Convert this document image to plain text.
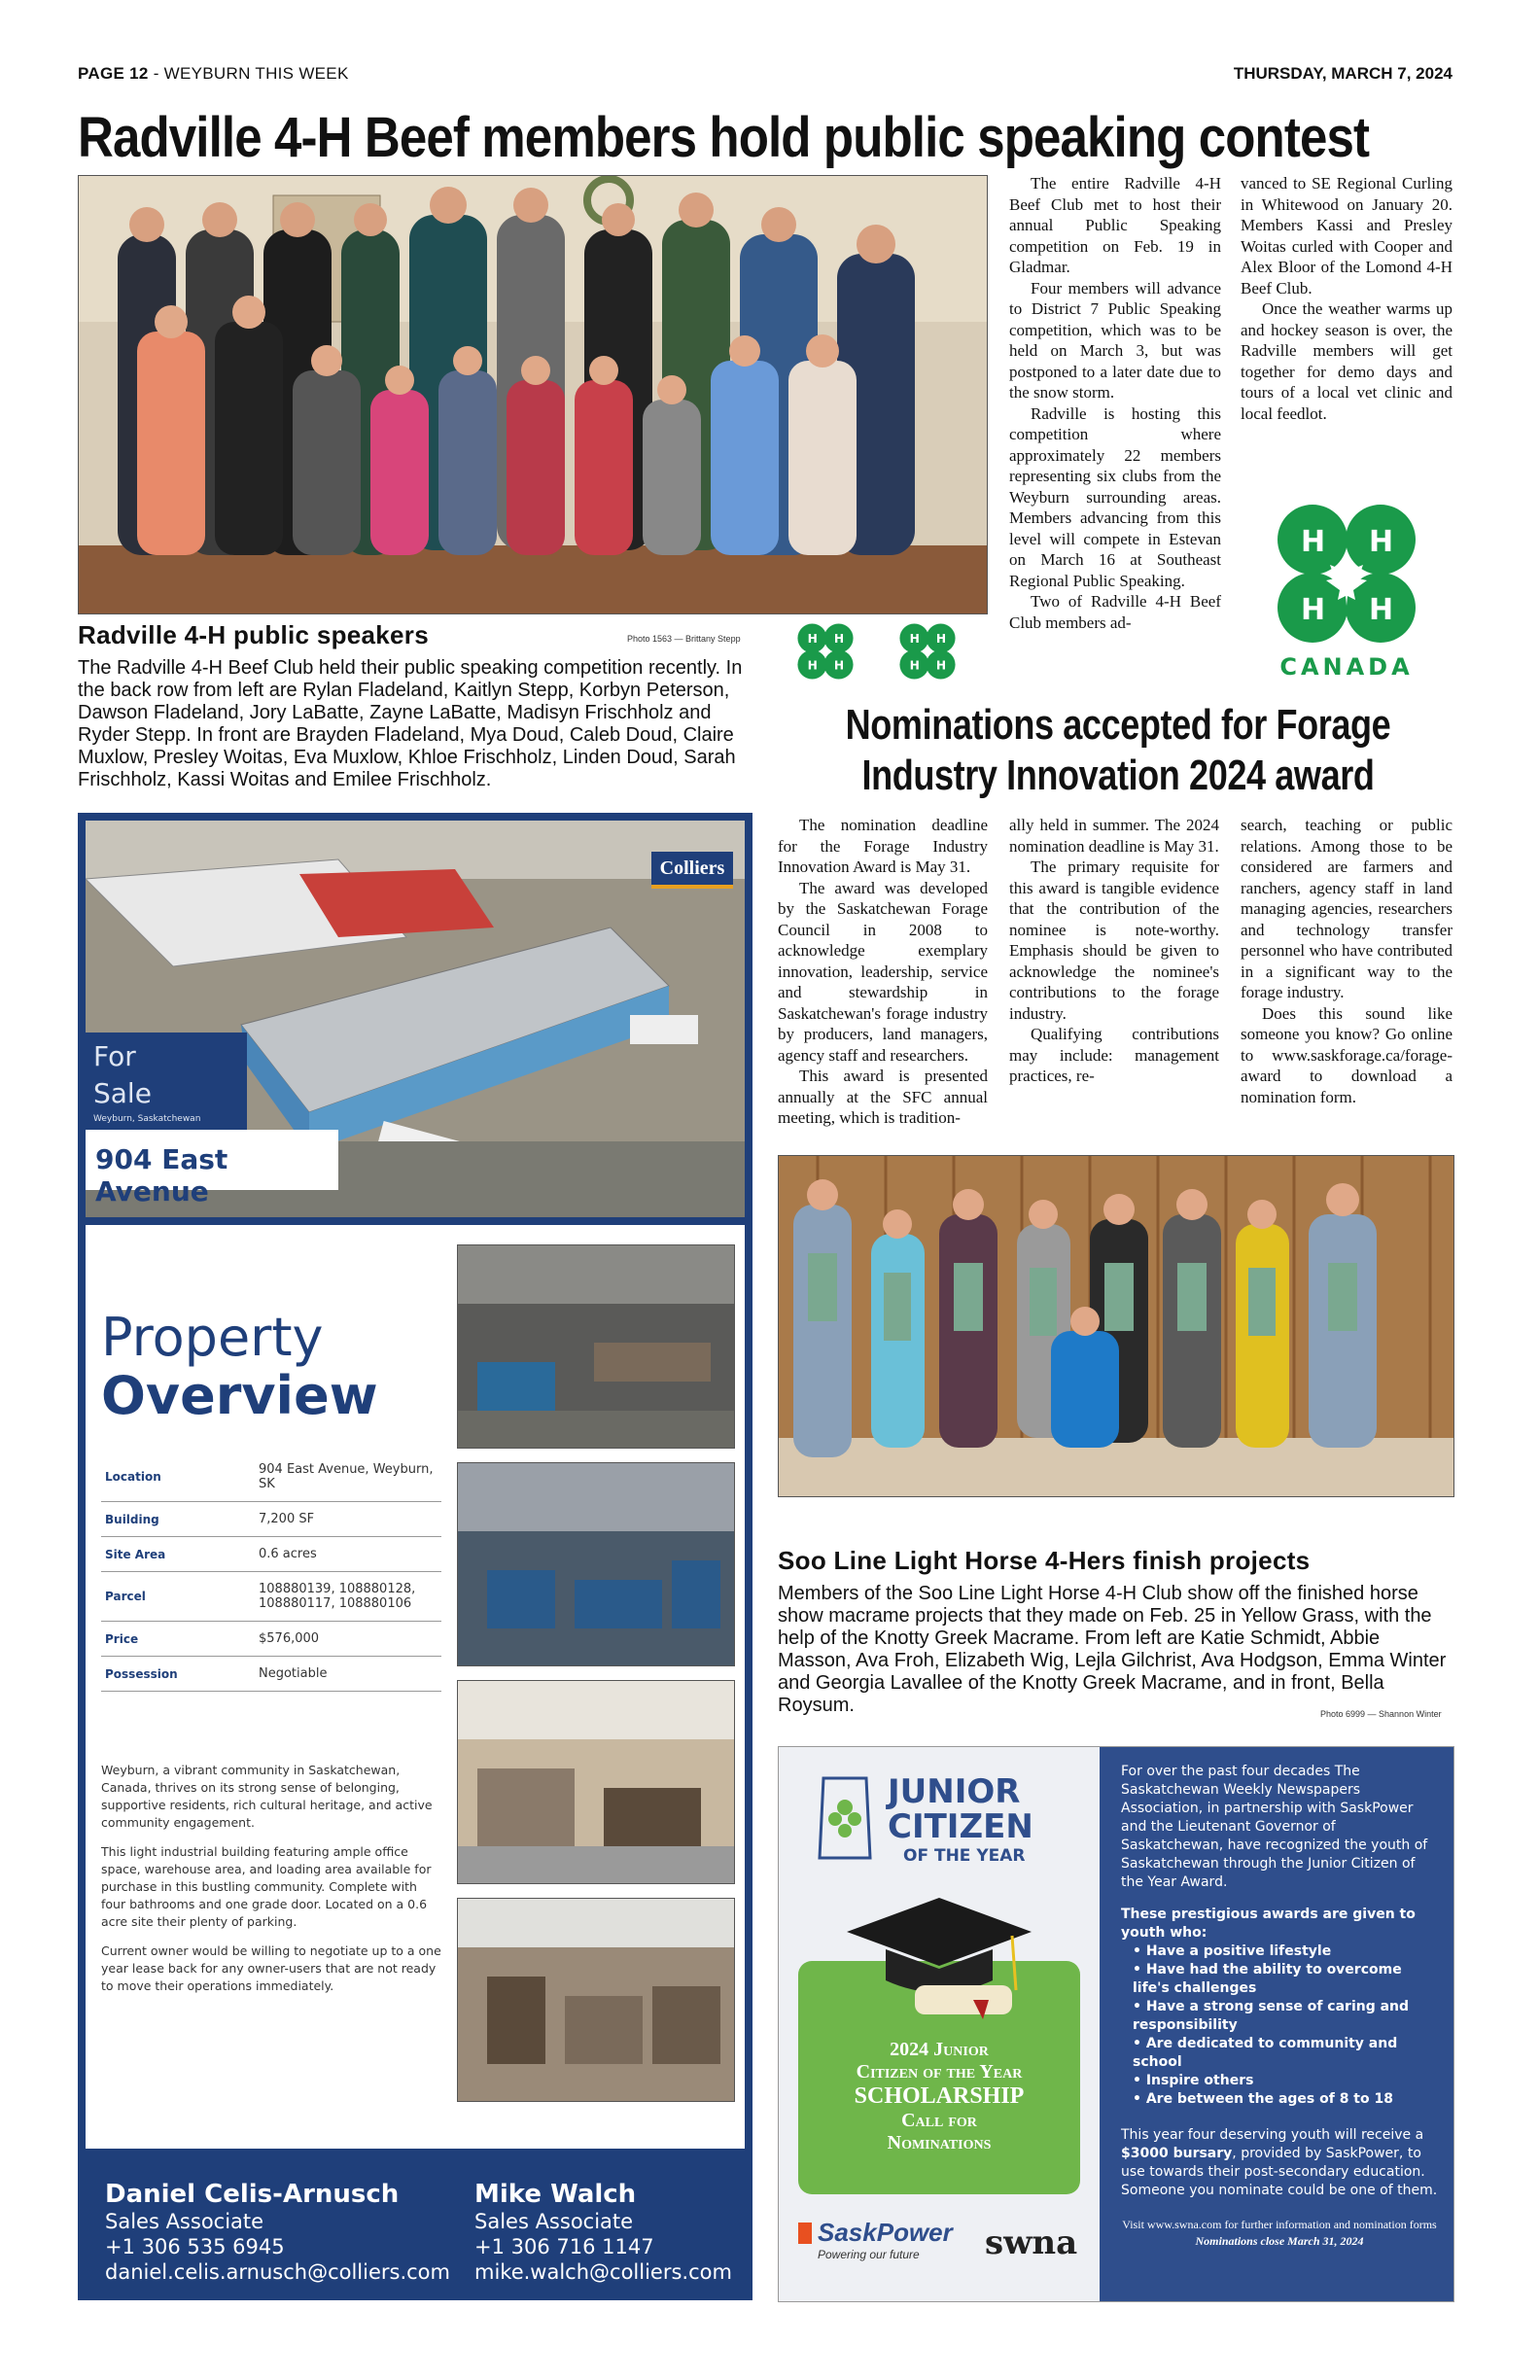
PAGE 12 - WEYBURN THIS WEEK	THURSDAY, MARCH 7, 2024
Radville 4-H Beef members hold public speaking contest
Radville 4-H public speakers	Photo 1563 — Brittany Stepp
The Radville 4-H Beef Club held their public speaking competition recently. In the back row from left are Rylan Fladeland, Kaitlyn Stepp, Korbyn Peterson, Dawson Fladeland, Jory LaBatte, Zayne LaBatte, Madisyn Frischholz and Ryder Stepp. In front are Brayden Fladeland, Mya Doud, Caleb Doud, Claire Muxlow, Presley Woitas, Eva Muxlow, Khloe Frischholz, Linden Doud, Sarah Frischholz, Kassi Woitas and Emilee Frischholz.
H H
H H
H H
H H

The entire Radville 4-H Beef Club met to host their annual Public Speaking competition on Feb. 19 in Gladmar.

Four members will advance to District 7 Public Speaking competition, which was to be held on March 3, but was postponed to a later date due to the snow storm.

Radville is hosting this competition where approximately 22 members representing six clubs from the Weyburn surrounding areas. Members advancing from this level will compete in Estevan on March 16 at Southeast Regional Public Speaking.

Two of Radville 4-H Beef Club members ad-

vanced to SE Regional Curling in Whitewood on January 20. Members Kassi and Presley Woitas curled with Cooper and Alex Bloor of the Lomond 4-H Beef Club.

Once the weather warms up and hockey season is over, the Radville members will get together for demo days and tours of a local vet clinic and local feedlot.

H H
H H
CANADA
Nominations accepted for Forage Industry Innovation 2024 award

The nomination deadline for the Forage Industry Innovation Award is May 31.

The award was developed by the Saskatchewan Forage Council in 2008 to acknowledge exemplary innovation, leadership, service and stewardship in Saskatchewan's forage industry by producers, land managers, agency staff and researchers.

This award is presented annually at the SFC annual meeting, which is tradition-

ally held in summer. The 2024 nomination deadline is May 31.

The primary requisite for this award is tangible evidence that the contribution of the nominee is note-worthy. Emphasis should be given to acknowledge the nominee's contributions to the forage industry.

Qualifying contributions may include: management practices, re-

search, teaching or public relations. Among those to be considered are farmers and ranchers, agency staff in land managing agencies, researchers and technology transfer personnel who have contributed in a significant way to the forage industry.

Does this sound like someone you know? Go online to www.saskforage.ca/forage-award to download a nomination form.

Soo Line Light Horse 4-Hers finish projects
Members of the Soo Line Light Horse 4-H Club show off the finished horse show macrame projects that they made on Feb. 25 in Yellow Grass, with the help of the Knotty Greek Macrame. From left are Katie Schmidt, Abbie Masson, Ava Froh, Elizabeth Wig, Lejla Gilchrist, Ava Hodgson, Emma Winter and Georgia Lavallee of the Knotty Greek Macrame, and in front, Bella Roysum.	Photo 6999 — Shannon Winter
Colliers
For
Sale
Weyburn, Saskatchewan
904 East Avenue
Property
Overview
Location	904 East Avenue, Weyburn, SK
Building	7,200 SF
Site Area	0.6 acres
Parcel	108880139, 108880128, 108880117, 108880106
Price	$576,000
Possession	Negotiable

Weyburn, a vibrant community in Saskatchewan, Canada, thrives on its strong sense of belonging, supportive residents, rich cultural heritage, and active community engagement.

This light industrial building featuring ample office space, warehouse area, and loading area available for purchase in this bustling community. Complete with four bathrooms and one grade door. Located on a 0.6 acre site their plenty of parking.

Current owner would be willing to negotiate up to a one year lease back for any owner-users that are not ready to move their operations immediately.

Daniel Celis-Arnusch
Sales Associate
+1 306 535 6945
daniel.celis.arnusch@colliers.com
Mike Walch
Sales Associate
+1 306 716 1147
mike.walch@colliers.com
JUNIOR
CITIZEN
OF THE YEAR
2024 Junior
Citizen of the Year
SCHOLARSHIP
Call for
Nominations
SaskPower
Powering our future	swna

For over the past four decades The Saskatchewan Weekly Newspapers Association, in partnership with SaskPower and the Lieutenant Governor of Saskatchewan, have recognized the youth of Saskatchewan through the Junior Citizen of the Year Award.

These prestigious awards are given to youth who:
• Have a positive lifestyle
• Have had the ability to overcome life's challenges
• Have a strong sense of caring and responsibility
• Are dedicated to community and school
• Inspire others
• Are between the ages of 8 to 18

This year four deserving youth will receive a $3000 bursary, provided by SaskPower, to use towards their post-secondary education. Someone you nominate could be one of them.

Visit www.swna.com for further information and nomination forms
Nominations close March 31, 2024
